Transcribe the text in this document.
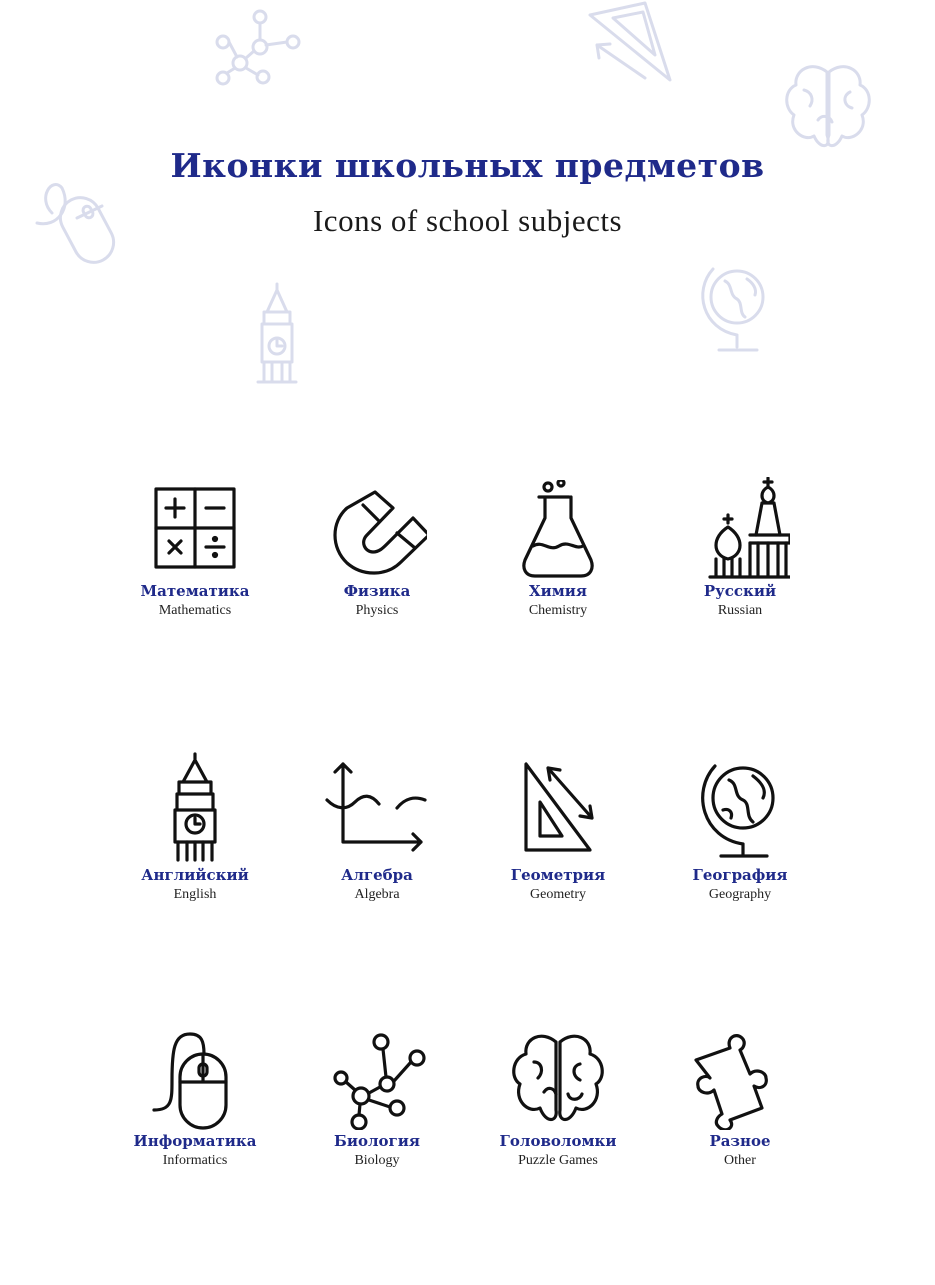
Иконки школьных предметов
Icons of school subjects
Математика
Mathematics
Физика
Physics
Химия
Chemistry
Русский
Russian
Английский
English
Алгебра
Algebra
Геометрия
Geometry
География
Geography
Информатика
Informatics
Биология
Biology
Головоломки
Puzzle Games
Разное
Other
